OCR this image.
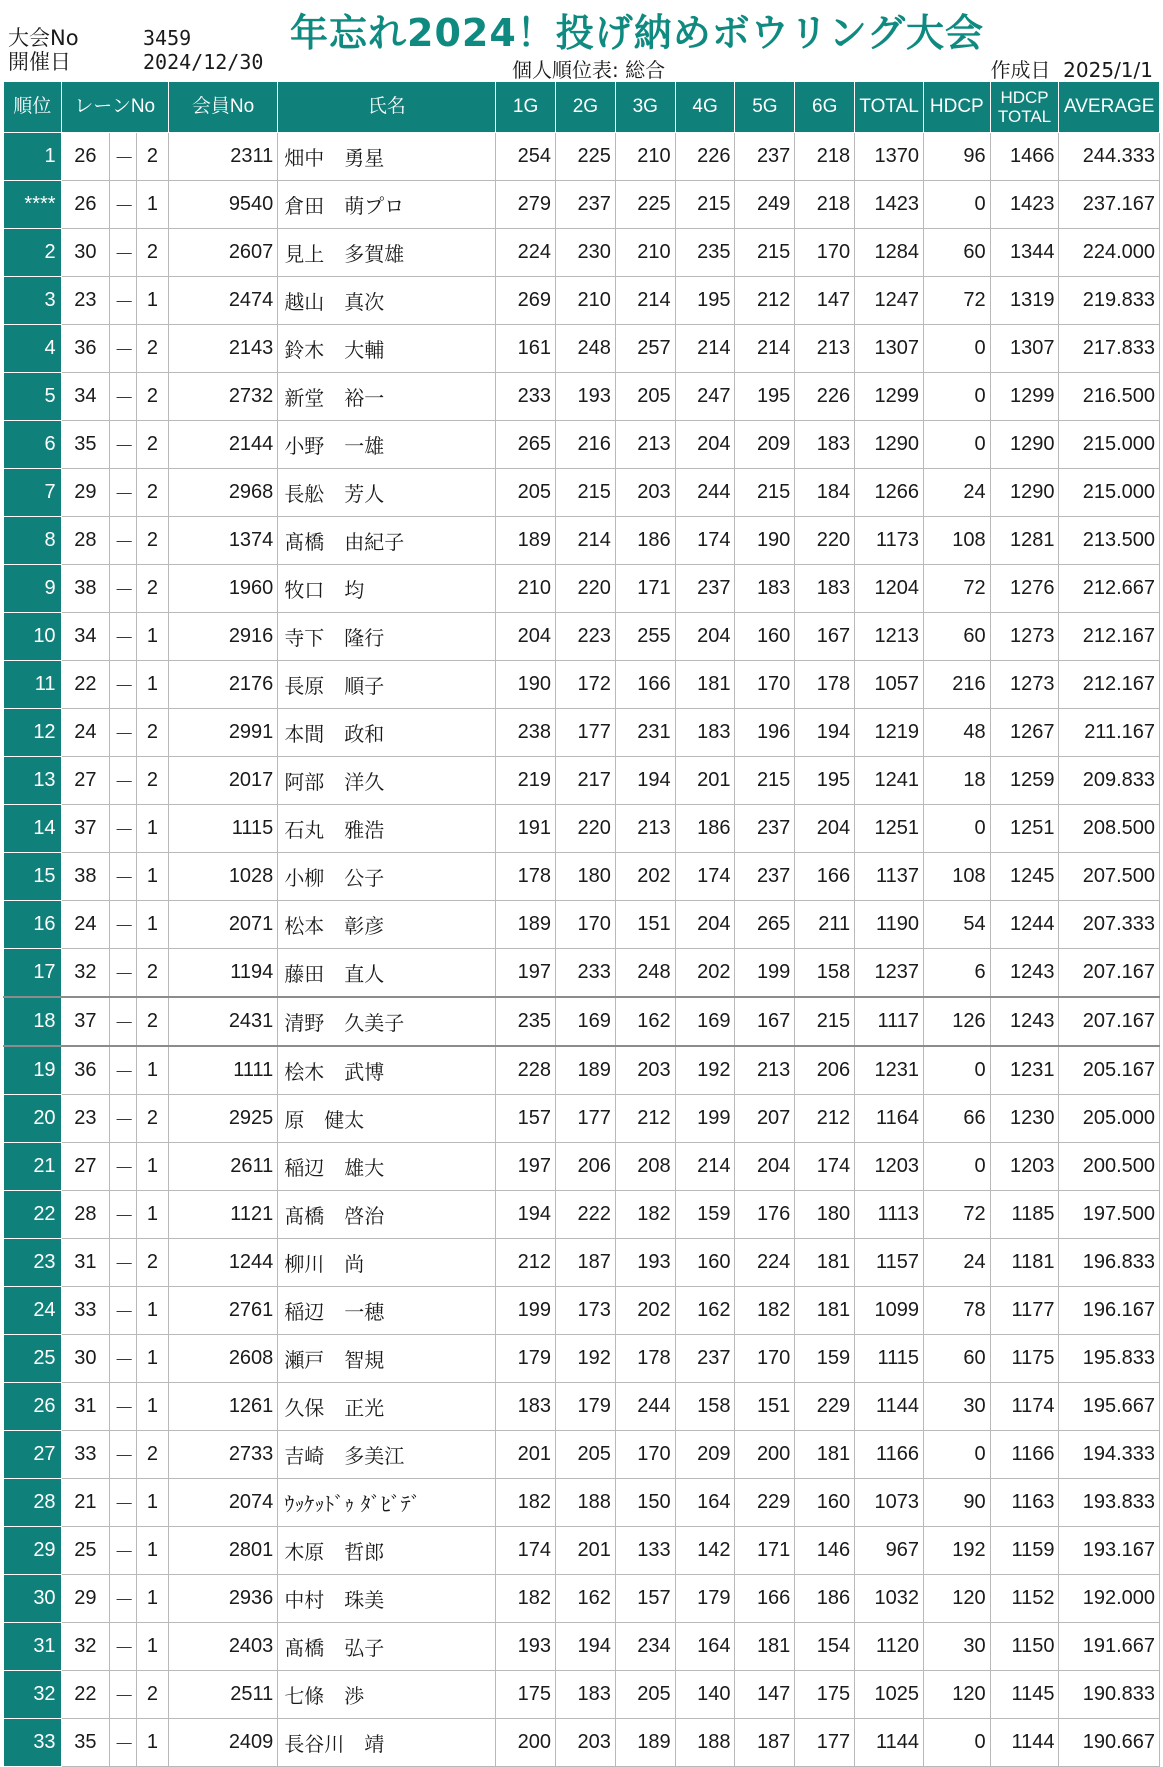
大会No	3459
開催日	2024/12/30
年忘れ2024！投げ納めボウリング大会
個人順位表: 総合	作成日 2025/1/1
順位	レーンNo			会員No	氏名	1G	2G	3G	4G	5G	6G	TOTAL	HDCP	HDCP
TOTAL	AVERAGE
1	26	－	2	2311	畑中　勇星	254	225	210	226	237	218	1370	96	1466	244.333
****	26	－	1	9540	倉田　萌プロ	279	237	225	215	249	218	1423	0	1423	237.167
2	30	－	2	2607	見上　多賀雄	224	230	210	235	215	170	1284	60	1344	224.000
3	23	－	1	2474	越山　真次	269	210	214	195	212	147	1247	72	1319	219.833
4	36	－	2	2143	鈴木　大輔	161	248	257	214	214	213	1307	0	1307	217.833
5	34	－	2	2732	新堂　裕一	233	193	205	247	195	226	1299	0	1299	216.500
6	35	－	2	2144	小野　一雄	265	216	213	204	209	183	1290	0	1290	215.000
7	29	－	2	2968	長舩　芳人	205	215	203	244	215	184	1266	24	1290	215.000
8	28	－	2	1374	髙橋　由紀子	189	214	186	174	190	220	1173	108	1281	213.500
9	38	－	2	1960	牧口　均	210	220	171	237	183	183	1204	72	1276	212.667
10	34	－	1	2916	寺下　隆行	204	223	255	204	160	167	1213	60	1273	212.167
11	22	－	1	2176	長原　順子	190	172	166	181	170	178	1057	216	1273	212.167
12	24	－	2	2991	本間　政和	238	177	231	183	196	194	1219	48	1267	211.167
13	27	－	2	2017	阿部　洋久	219	217	194	201	215	195	1241	18	1259	209.833
14	37	－	1	1115	石丸　雅浩	191	220	213	186	237	204	1251	0	1251	208.500
15	38	－	1	1028	小柳　公子	178	180	202	174	237	166	1137	108	1245	207.500
16	24	－	1	2071	松本　彰彦	189	170	151	204	265	211	1190	54	1244	207.333
17	32	－	2	1194	藤田　直人	197	233	248	202	199	158	1237	6	1243	207.167
18	37	－	2	2431	清野　久美子	235	169	162	169	167	215	1117	126	1243	207.167
19	36	－	1	1111	桧木　武博	228	189	203	192	213	206	1231	0	1231	205.167
20	23	－	2	2925	原　健太	157	177	212	199	207	212	1164	66	1230	205.000
21	27	－	1	2611	稲辺　雄大	197	206	208	214	204	174	1203	0	1203	200.500
22	28	－	1	1121	髙橋　啓治	194	222	182	159	176	180	1113	72	1185	197.500
23	31	－	2	1244	柳川　尚	212	187	193	160	224	181	1157	24	1181	196.833
24	33	－	1	2761	稲辺　一穂	199	173	202	162	182	181	1099	78	1177	196.167
25	30	－	1	2608	瀬戸　智規	179	192	178	237	170	159	1115	60	1175	195.833
26	31	－	1	1261	久保　正光	183	179	244	158	151	229	1144	30	1174	195.667
27	33	－	2	2733	吉崎　多美江	201	205	170	209	200	181	1166	0	1166	194.333
28	21	－	1	2074	ｳｯｹｯﾄﾞｩ ﾀﾞﾋﾞﾃﾞ	182	188	150	164	229	160	1073	90	1163	193.833
29	25	－	1	2801	木原　哲郎	174	201	133	142	171	146	967	192	1159	193.167
30	29	－	1	2936	中村　珠美	182	162	157	179	166	186	1032	120	1152	192.000
31	32	－	1	2403	髙橋　弘子	193	194	234	164	181	154	1120	30	1150	191.667
32	22	－	2	2511	七條　渉	175	183	205	140	147	175	1025	120	1145	190.833
33	35	－	1	2409	長谷川　靖	200	203	189	188	187	177	1144	0	1144	190.667
